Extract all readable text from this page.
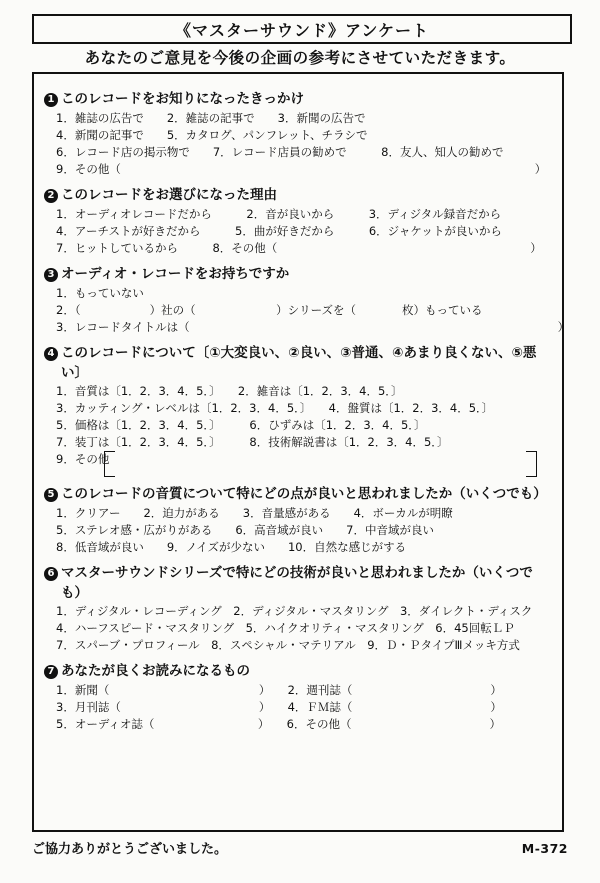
《マスターサウンド》アンケート
あなたのご意見を今後の企画の参考にさせていただきます。
1 このレコードをお知りになったきっかけ
1．雑誌の広告で　　2．雑誌の記事で　　3．新聞の広告で
4．新聞の記事で　　5．カタログ、パンフレット、チラシで
6．レコード店の掲示物で　　7．レコード店員の勧めで　　　8．友人、知人の勧めで
9．その他（　　　　　　　　　　　　　　　　　　　　　　　　　　　　　　　　　　　　）
2 このレコードをお選びになった理由
1．オーディオレコードだから　　　2．音が良いから　　　3．ディジタル録音だから
4．アーチストが好きだから　　　5．曲が好きだから　　　6．ジャケットが良いから
7．ヒットしているから　　　8．その他（　　　　　　　　　　　　　　　　　　　　　　）
3 オーディオ・レコードをお持ちですか
1．もっていない
2．（　　　　　　）社の（　　　　　　　）シリーズを（　　　　枚）もっている
3．レコードタイトルは（　　　　　　　　　　　　　　　　　　　　　　　　　　　　　　　　）
4 このレコードについて〔①大変良い、②良い、③普通、④あまり良くない、⑤悪い〕
1．音質は〔1．2．3．4．5．〕　　2．雑音は〔1．2．3．4．5．〕
3．カッティング・レベルは〔1．2．3．4．5．〕　　4．盤質は〔1．2．3．4．5．〕
5．価格は〔1．2．3．4．5．〕　　　6．ひずみは〔1．2．3．4．5．〕
7．装丁は〔1．2．3．4．5．〕　　　8．技術解説書は〔1．2．3．4．5．〕
9．その他
5 このレコードの音質について特にどの点が良いと思われましたか（いくつでも）
1．クリアー　　2．迫力がある　　3．音量感がある　　4．ボーカルが明瞭
5．ステレオ感・広がりがある　　6．高音域が良い　　7．中音域が良い
8．低音域が良い　　9．ノイズが少ない　　10．自然な感じがする
6 マスターサウンドシリーズで特にどの技術が良いと思われましたか（いくつでも）
1．ディジタル・レコーディング　2．ディジタル・マスタリング　3．ダイレクト・ディスク
4．ハーフスピード・マスタリング　5．ハイクオリティ・マスタリング　6．45回転ＬＰ
7．スパーブ・プロフィール　8．スペシャル・マテリアル　9．Ｄ・ＰタイプⅢメッキ方式
7 あなたが良くお読みになるもの
1．新聞（　　　　　　　　　　　　　）　　2．週刊誌（　　　　　　　　　　　　）
3．月刊誌（　　　　　　　　　　　　）　　4．ＦＭ誌（　　　　　　　　　　　　）
5．オーディオ誌（　　　　　　　　　）　　6．その他（　　　　　　　　　　　　）
ご協力ありがとうございました。	M-372
